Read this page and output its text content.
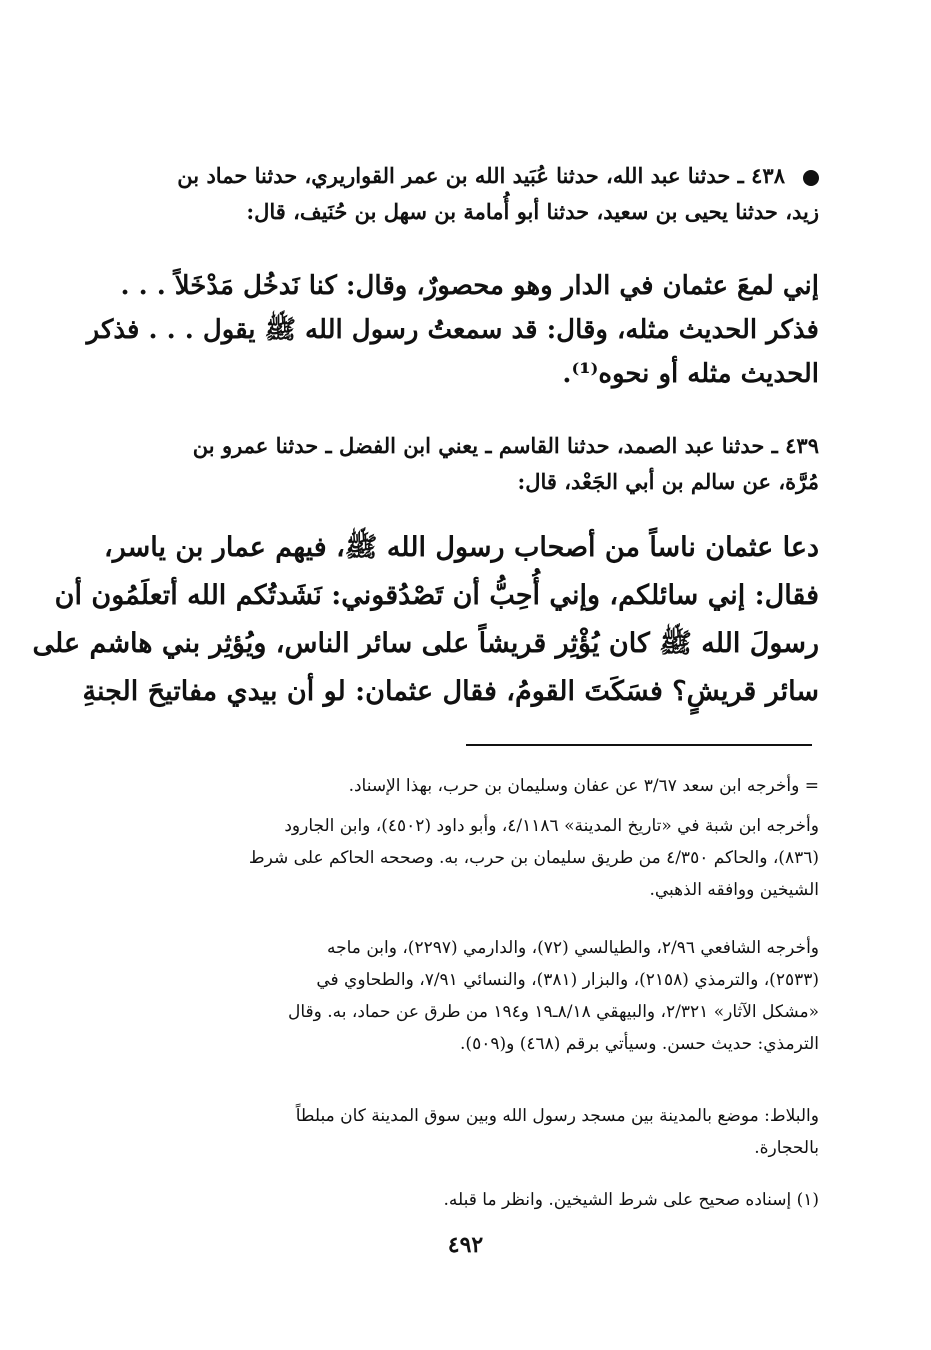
٤٣٨ ـ حدثنا عبد الله، حدثنا عُبَيد الله بن عمر القواريري، حدثنا حماد بن
زيد، حدثنا يحيى بن سعيد، حدثنا أبو أُمامة بن سهل بن حُنَيف، قال:
إني لمعَ عثمان في الدار وهو محصورٌ، وقال: كنا نَدخُل مَدْخَلاً . . .
فذكر الحديث مثله، وقال: قد سمعتُ رسول الله ﷺ يقول . . . فذكر
الحديث مثله أو نحوه⁽¹⁾.
٤٣٩ ـ حدثنا عبد الصمد، حدثنا القاسم ـ يعني ابن الفضل ـ حدثنا عمرو بن
مُرَّة، عن سالم بن أبي الجَعْد، قال:
دعا عثمان ناساً من أصحاب رسول الله ﷺ، فيهم عمار بن ياسر،
فقال: إني سائلكم، وإني أُحِبُّ أن تَصْدُقوني: نَشَدتُكم الله أتعلَمُون أن
رسولَ الله ﷺ كان يُؤْثِر قريشاً على سائر الناس، ويُؤثِر بني هاشم على
سائر قريشٍ؟ فسَكَتَ القومُ، فقال عثمان: لو أن بيدي مفاتيحَ الجنةِ
= وأخرجه ابن سعد ٣/٦٧ عن عفان وسليمان بن حرب، بهذا الإسناد.
وأخرجه ابن شبة في «تاريخ المدينة» ٤/١١٨٦، وأبو داود (٤٥٠٢)، وابن الجارود
(٨٣٦)، والحاكم ٤/٣٥٠ من طريق سليمان بن حرب، به. وصححه الحاكم على شرط
الشيخين ووافقه الذهبي.
وأخرجه الشافعي ٢/٩٦، والطيالسي (٧٢)، والدارمي (٢٢٩٧)، وابن ماجه
(٢٥٣٣)، والترمذي (٢١٥٨)، والبزار (٣٨١)، والنسائي ٧/٩١، والطحاوي في
«مشكل الآثار» ٢/٣٢١، والبيهقي ٨/١٨ـ١٩ و١٩٤ من طرق عن حماد، به. وقال
الترمذي: حديث حسن. وسيأتي برقم (٤٦٨) و(٥٠٩).
والبلاط: موضع بالمدينة بين مسجد رسول الله وبين سوق المدينة كان مبلطاً
بالحجارة.
(١) إسناده صحيح على شرط الشيخين. وانظر ما قبله.
٤٩٢
